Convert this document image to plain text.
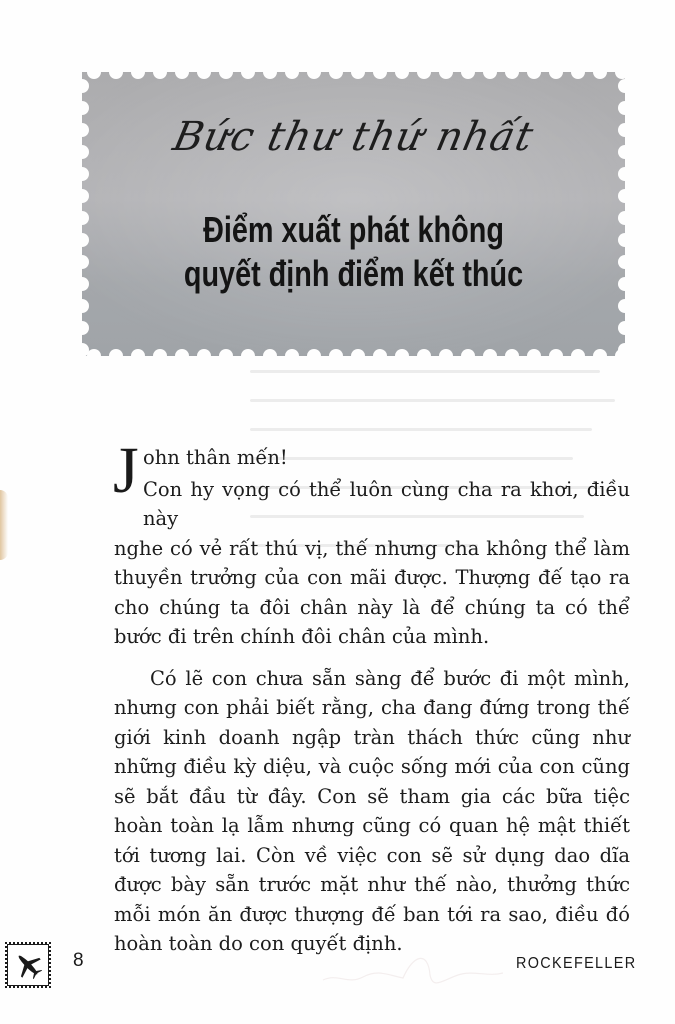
Bức thư thứ nhất
Điểm xuất phát không
quyết định điểm kết thúc

J ohn thân mến!

Con hy vọng có thể luôn cùng cha ra khơi, điều này

nghe có vẻ rất thú vị, thế nhưng cha không thể làm thuyền trưởng của con mãi được. Thượng đế tạo ra cho chúng ta đôi chân này là để chúng ta có thể bước đi trên chính đôi chân của mình.

Có lẽ con chưa sẵn sàng để bước đi một mình, nhưng con phải biết rằng, cha đang đứng trong thế giới kinh doanh ngập tràn thách thức cũng như những điều kỳ diệu, và cuộc sống mới của con cũng sẽ bắt đầu từ đây. Con sẽ tham gia các bữa tiệc hoàn toàn lạ lẫm nhưng cũng có quan hệ mật thiết tới tương lai. Còn về việc con sẽ sử dụng dao dĩa được bày sẵn trước mặt như thế nào, thưởng thức mỗi món ăn được thượng đế ban tới ra sao, điều đó hoàn toàn do con quyết định.

8	ROCKEFELLER
